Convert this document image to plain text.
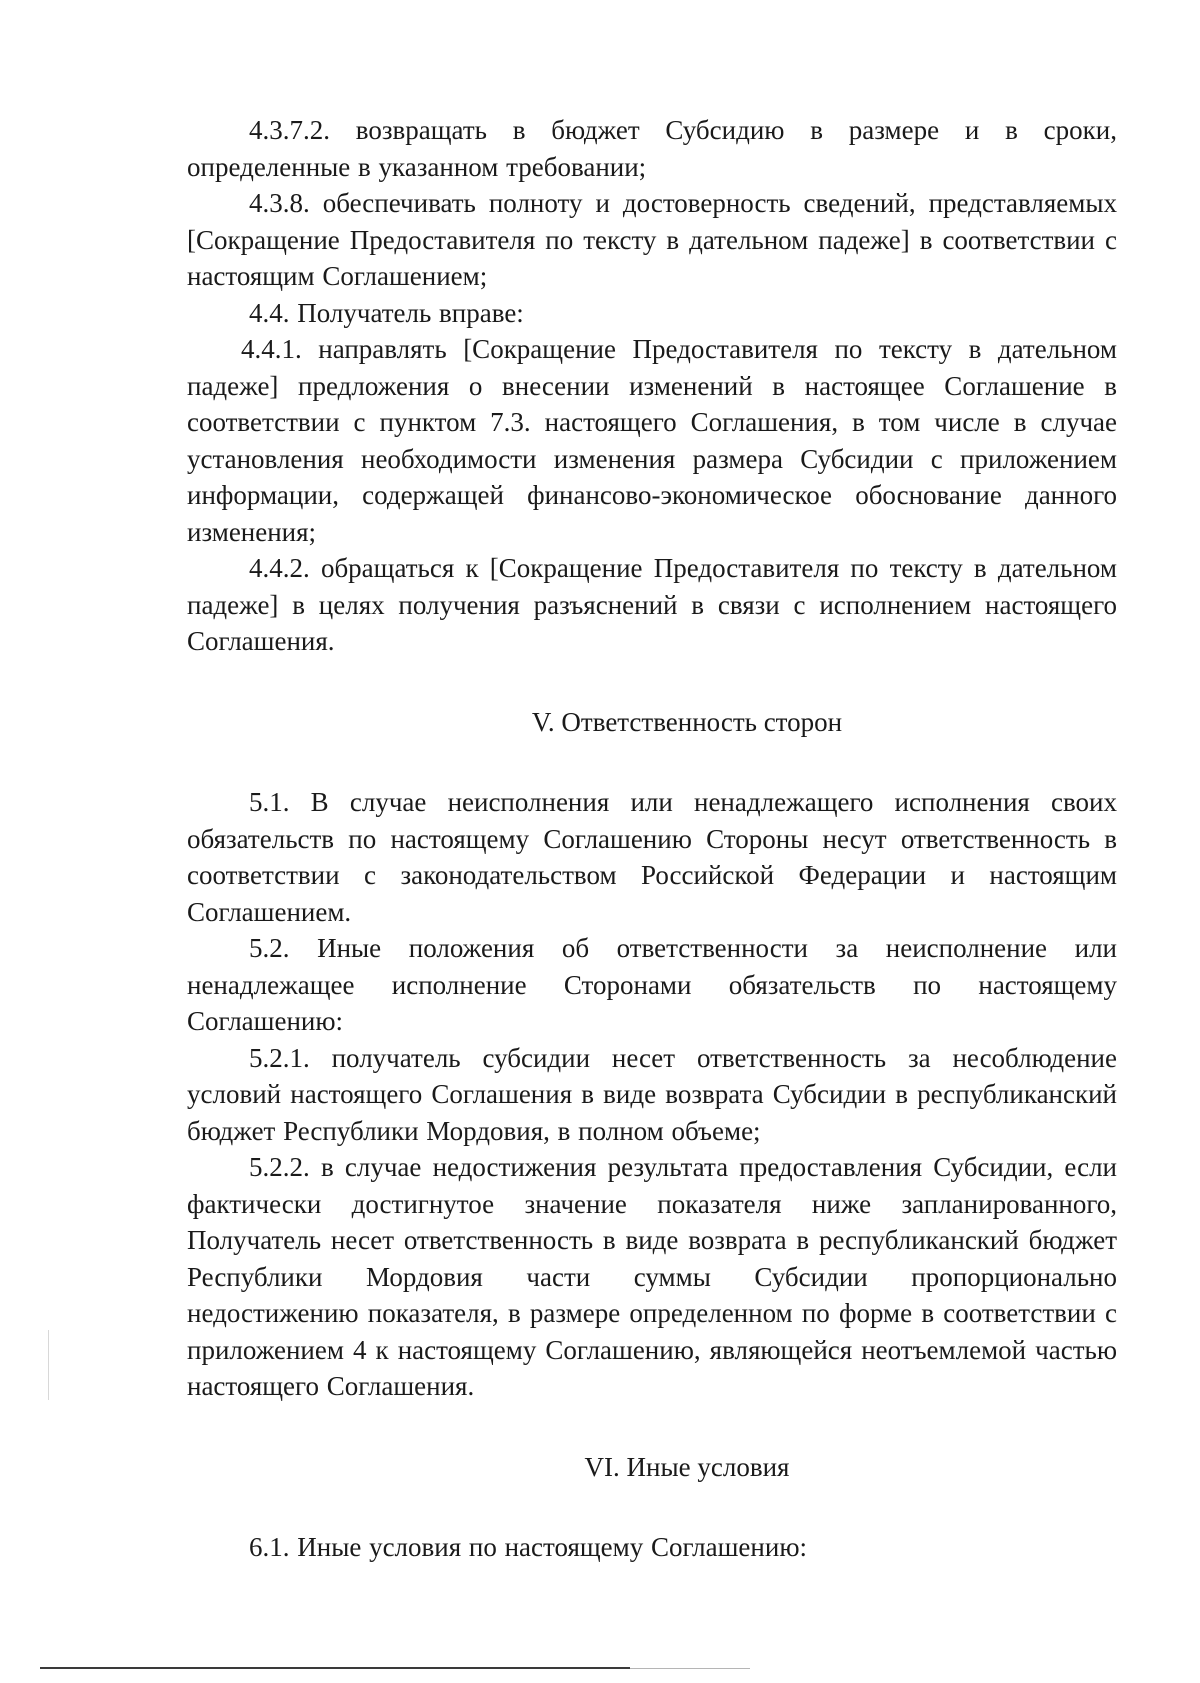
4.3.7.2. возвращать в бюджет Субсидию в размере и в сроки, определенные в указанном требовании;

4.3.8. обеспечивать полноту и достоверность сведений, представляемых [Сокращение Предоставителя по тексту в дательном падеже] в соответствии с настоящим Соглашением;

4.4. Получатель вправе:

4.4.1. направлять [Сокращение Предоставителя по тексту в дательном падеже] предложения о внесении изменений в настоящее Соглашение в соответствии с пунктом 7.3. настоящего Соглашения, в том числе в случае установления необходимости изменения размера Субсидии с приложением информации, содержащей финансово-экономическое обоснование данного изменения;

4.4.2. обращаться к [Сокращение Предоставителя по тексту в дательном падеже] в целях получения разъяснений в связи с исполнением настоящего Соглашения.

V. Ответственность сторон

5.1. В случае неисполнения или ненадлежащего исполнения своих обязательств по настоящему Соглашению Стороны несут ответственность в соответствии с законодательством Российской Федерации и настоящим Соглашением.

5.2. Иные положения об ответственности за неисполнение или ненадлежащее исполнение Сторонами обязательств по настоящему Соглашению:

5.2.1. получатель субсидии несет ответственность за несоблюдение условий настоящего Соглашения в виде возврата Субсидии в республиканский бюджет Республики Мордовия, в полном объеме;

5.2.2. в случае недостижения результата предоставления Субсидии, если фактически достигнутое значение показателя ниже запланированного, Получатель несет ответственность в виде возврата в республиканский бюджет Республики Мордовия части суммы Субсидии пропорционально недостижению показателя, в размере определенном по форме в соответствии с приложением 4 к настоящему Соглашению, являющейся неотъемлемой частью настоящего Соглашения.

VI. Иные условия

6.1. Иные условия по настоящему Соглашению:
